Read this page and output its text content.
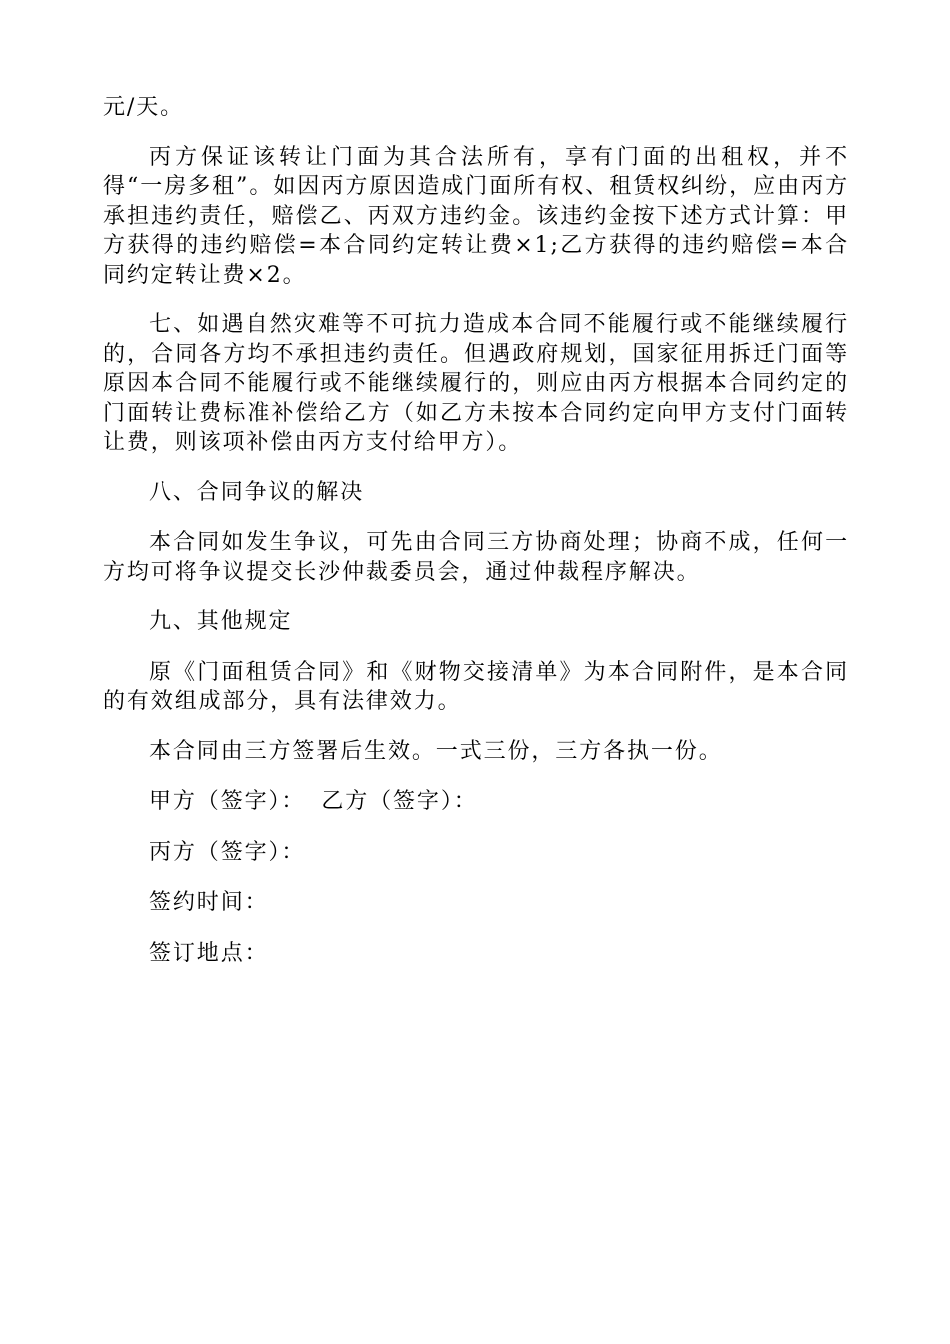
元/天。

丙方保证该转让门面为其合法所有，享有门面的出租权，并不得“一房多租”。如因丙方原因造成门面所有权、租赁权纠纷，应由丙方承担违约责任，赔偿乙、丙双方违约金。该违约金按下述方式计算：甲方获得的违约赔偿=本合同约定转让费×1;乙方获得的违约赔偿=本合同约定转让费×2。

七、如遇自然灾难等不可抗力造成本合同不能履行或不能继续履行的，合同各方均不承担违约责任。但遇政府规划，国家征用拆迁门面等原因本合同不能履行或不能继续履行的，则应由丙方根据本合同约定的门面转让费标准补偿给乙方（如乙方未按本合同约定向甲方支付门面转让费，则该项补偿由丙方支付给甲方）。

八、合同争议的解决

本合同如发生争议，可先由合同三方协商处理；协商不成，任何一方均可将争议提交长沙仲裁委员会，通过仲裁程序解决。

九、其他规定

原《门面租赁合同》和《财物交接清单》为本合同附件，是本合同的有效组成部分，具有法律效力。

本合同由三方签署后生效。一式三份，三方各执一份。

甲方（签字）： 乙方（签字）：

丙方（签字）：

签约时间：

签订地点：
